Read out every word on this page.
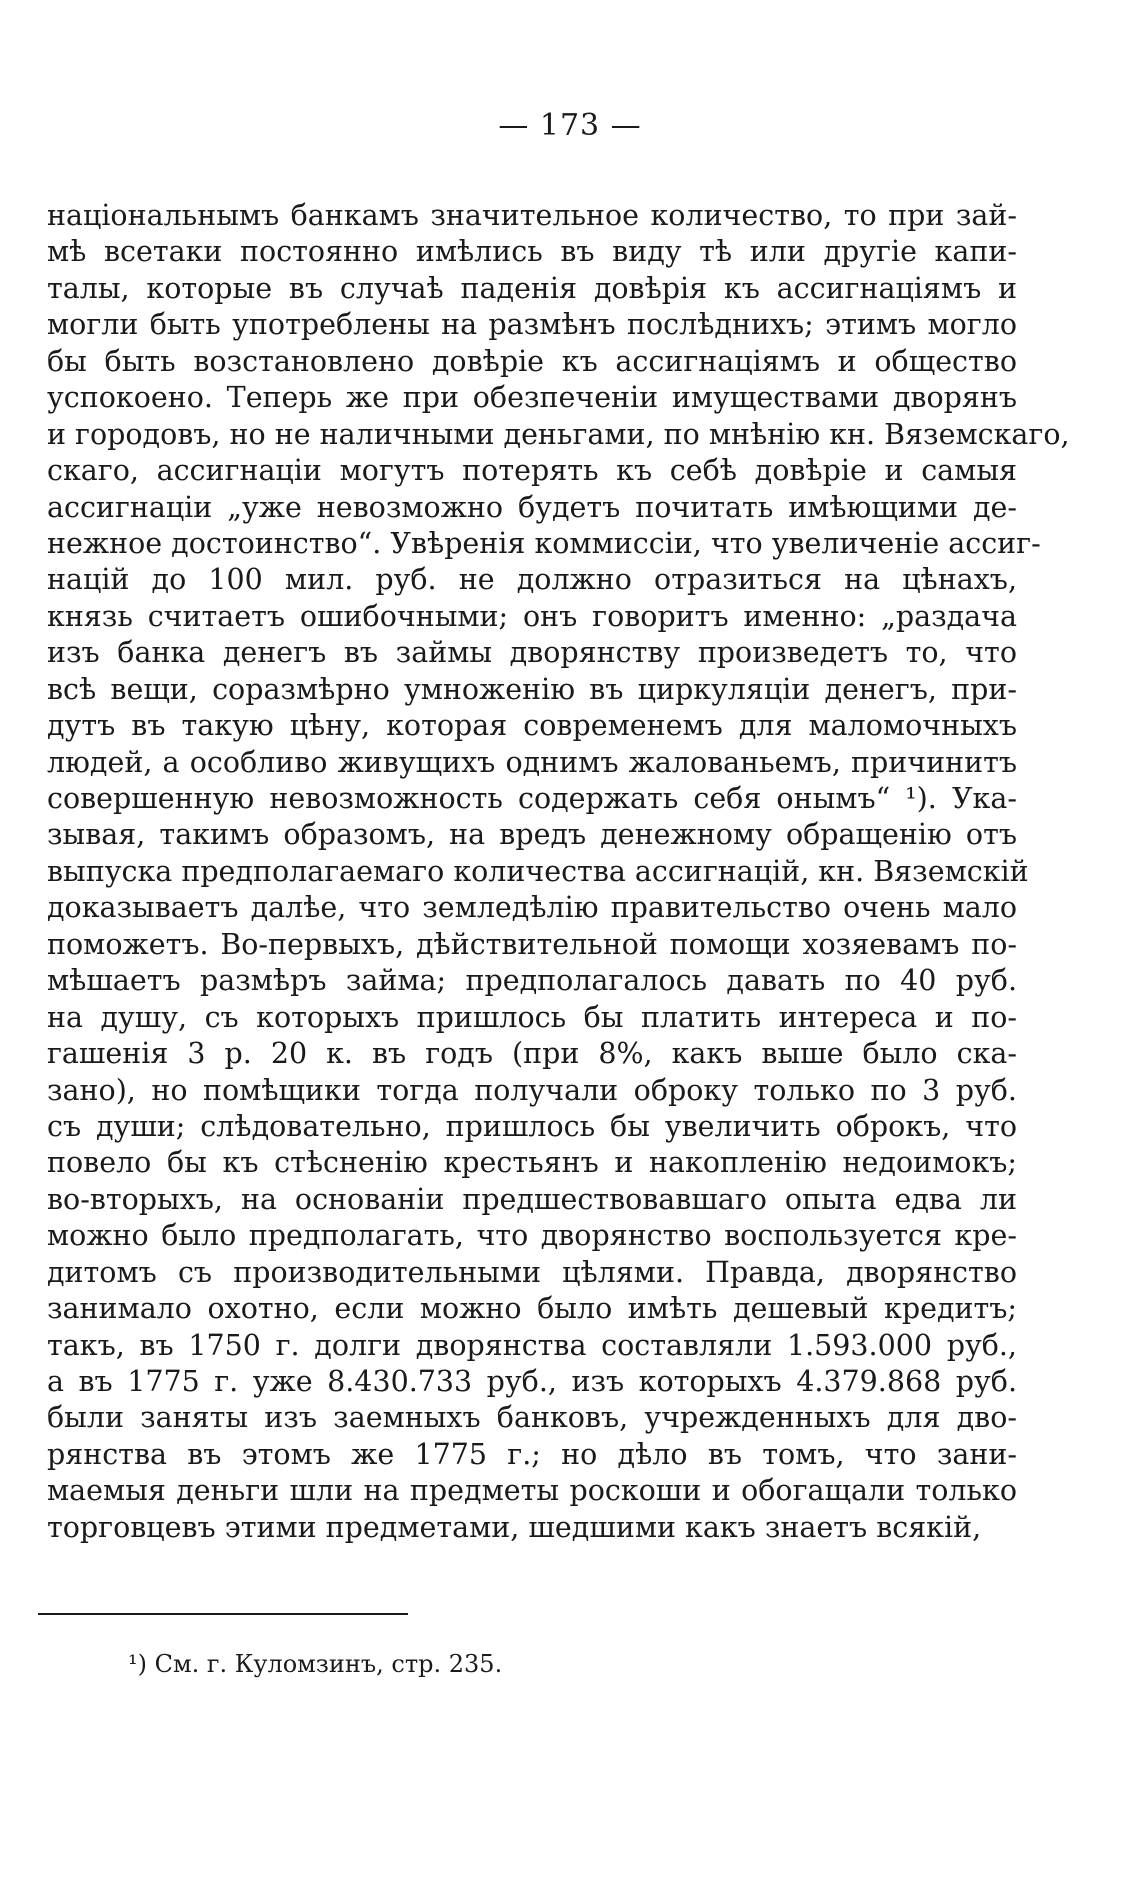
— 173 —
національнымъ банкамъ значительное количество, то при зай-
мѣ всетаки постоянно имѣлись въ виду тѣ или другіе капи-
талы, которые въ случаѣ паденія довѣрія къ ассигнаціямъ и
могли быть употреблены на размѣнъ послѣднихъ; этимъ могло
бы быть возстановлено довѣріе къ ассигнаціямъ и общество
успокоено. Теперь же при обезпеченіи имуществами дворянъ
и городовъ, но не наличными деньгами, по мнѣнію кн. Вяземскаго,
скаго, ассигнаціи могутъ потерять къ себѣ довѣріе и самыя
ассигнаціи „уже невозможно будетъ почитать имѣющими де-
нежное достоинство“. Увѣренія коммиссіи, что увеличеніе ассиг-
націй до 100 мил. руб. не должно отразиться на цѣнахъ,
князь считаетъ ошибочными; онъ говоритъ именно: „раздача
изъ банка денегъ въ займы дворянству произведетъ то, что
всѣ вещи, соразмѣрно умноженію въ циркуляціи денегъ, при-
дутъ въ такую цѣну, которая современемъ для маломочныхъ
людей, а особливо живущихъ однимъ жалованьемъ, причинитъ
совершенную невозможность содержать себя онымъ“ ¹). Ука-
зывая, такимъ образомъ, на вредъ денежному обращенію отъ
выпуска предполагаемаго количества ассигнацій, кн. Вяземскій
доказываетъ далѣе, что земледѣлію правительство очень мало
поможетъ. Во-первыхъ, дѣйствительной помощи хозяевамъ по-
мѣшаетъ размѣръ займа; предполагалось давать по 40 руб.
на душу, съ которыхъ пришлось бы платить интереса и по-
гашенія 3 р. 20 к. въ годъ (при 8%, какъ выше было ска-
зано), но помѣщики тогда получали оброку только по 3 руб.
съ души; слѣдовательно, пришлось бы увеличить оброкъ, что
повело бы къ стѣсненію крестьянъ и накопленію недоимокъ;
во-вторыхъ, на основаніи предшествовавшаго опыта едва ли
можно было предполагать, что дворянство воспользуется кре-
дитомъ съ производительными цѣлями. Правда, дворянство
занимало охотно, если можно было имѣть дешевый кредитъ;
такъ, въ 1750 г. долги дворянства составляли 1.593.000 руб.,
а въ 1775 г. уже 8.430.733 руб., изъ которыхъ 4.379.868 руб.
были заняты изъ заемныхъ банковъ, учрежденныхъ для дво-
рянства въ этомъ же 1775 г.; но дѣло въ томъ, что зани-
маемыя деньги шли на предметы роскоши и обогащали только
торговцевъ этими предметами, шедшими какъ знаетъ всякій,
¹) См. г. Куломзинъ, стр. 235.
